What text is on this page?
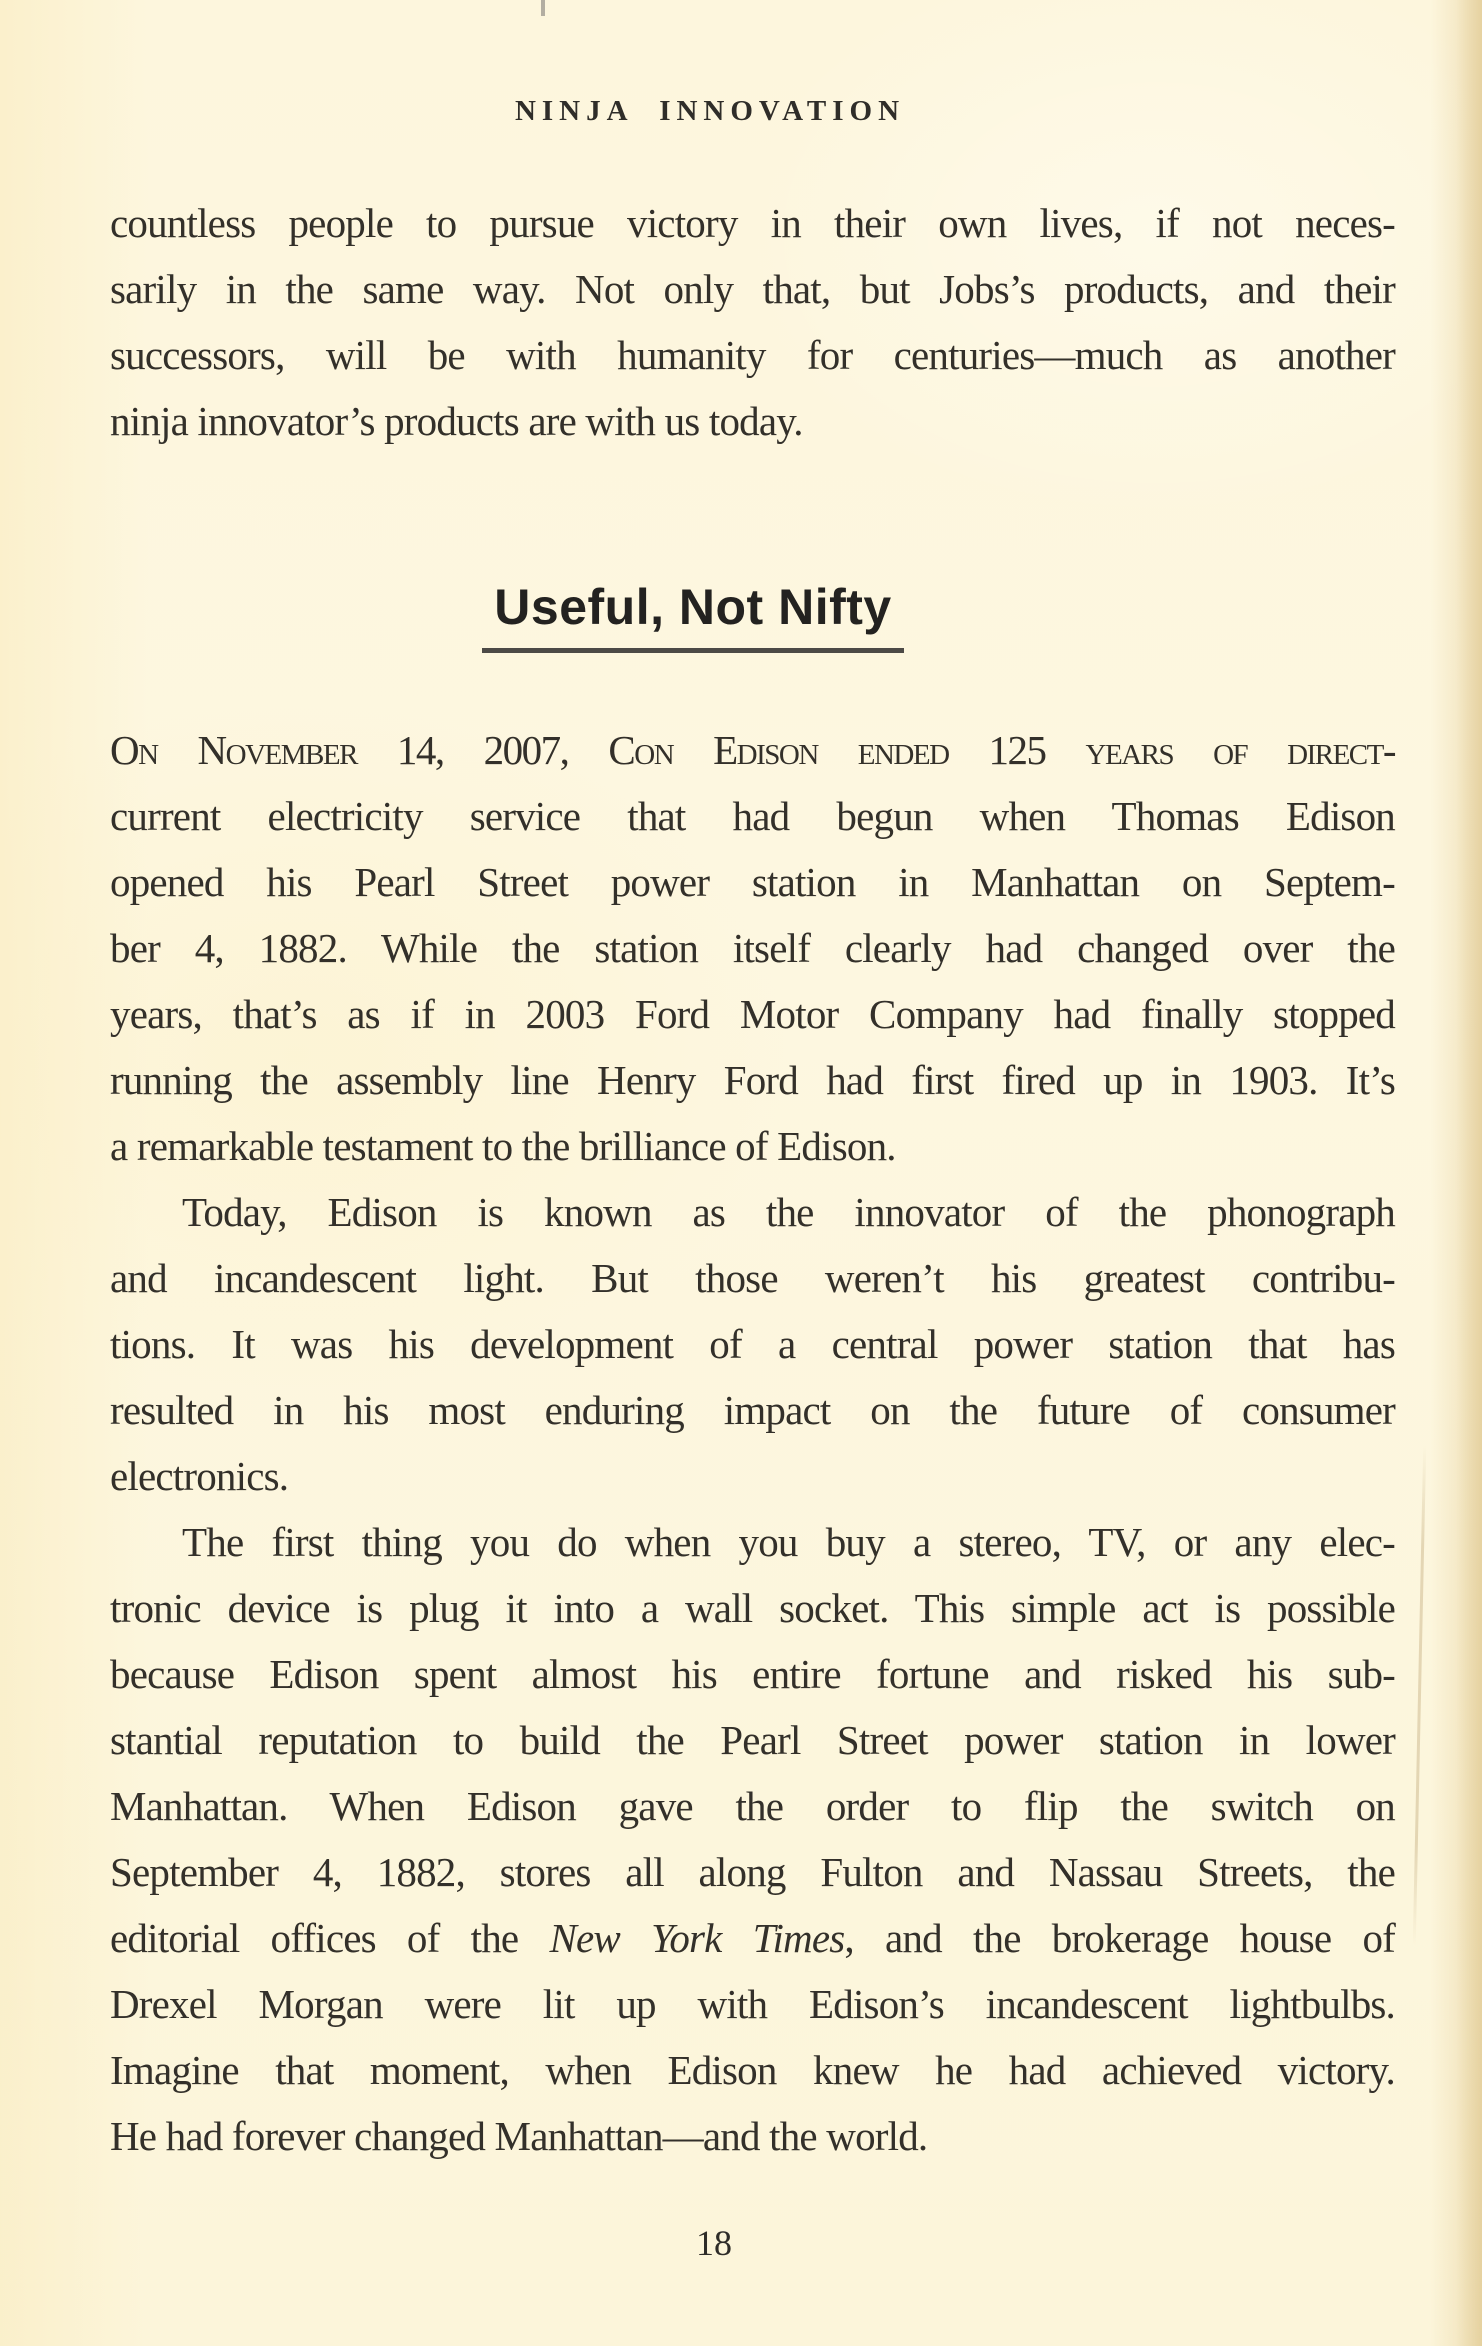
NINJA INNOVATION
countless people to pursue victory in their own lives, if not neces-
sarily in the same way. Not only that, but Jobs’s products, and their
successors, will be with humanity for centuries—much as another
ninja innovator’s products are with us today.
Useful, Not Nifty
On November 14, 2007, Con Edison ended 125 years of direct-
current electricity service that had begun when Thomas Edison
opened his Pearl Street power station in Manhattan on Septem-
ber 4, 1882. While the station itself clearly had changed over the
years, that’s as if in 2003 Ford Motor Company had finally stopped
running the assembly line Henry Ford had first fired up in 1903. It’s
a remarkable testament to the brilliance of Edison.
Today, Edison is known as the innovator of the phonograph
and incandescent light. But those weren’t his greatest contribu-
tions. It was his development of a central power station that has
resulted in his most enduring impact on the future of consumer
electronics.
The first thing you do when you buy a stereo, TV, or any elec-
tronic device is plug it into a wall socket. This simple act is possible
because Edison spent almost his entire fortune and risked his sub-
stantial reputation to build the Pearl Street power station in lower
Manhattan. When Edison gave the order to flip the switch on
September 4, 1882, stores all along Fulton and Nassau Streets, the
editorial offices of the New York Times, and the brokerage house of
Drexel Morgan were lit up with Edison’s incandescent lightbulbs.
Imagine that moment, when Edison knew he had achieved victory.
He had forever changed Manhattan—and the world.
18
